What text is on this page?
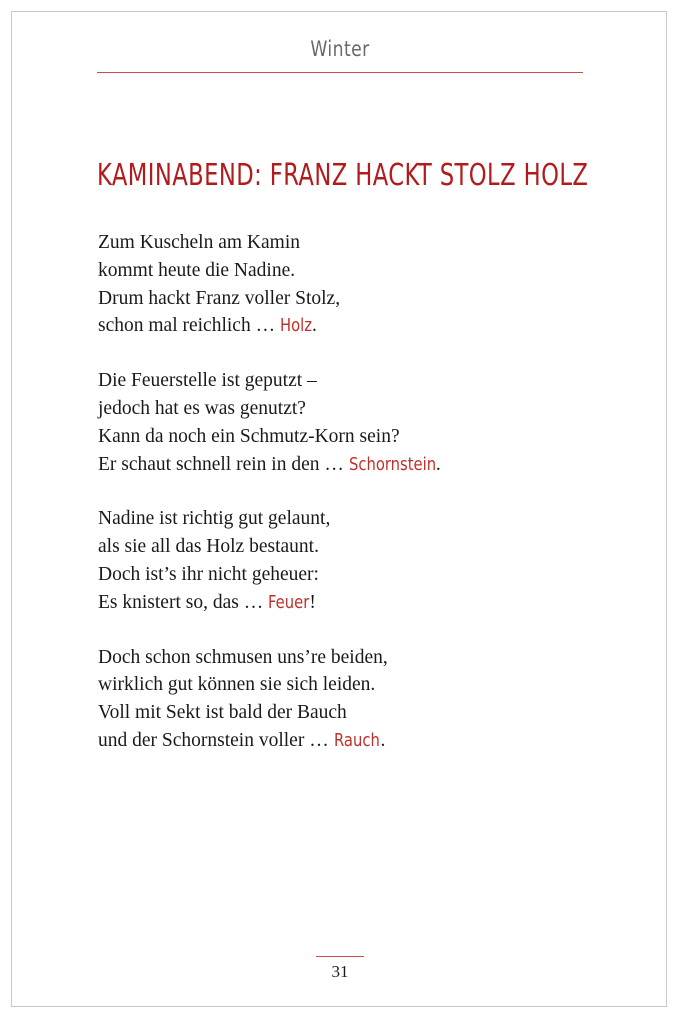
Winter
KAMINABEND: FRANZ HACKT STOLZ HOLZ
Zum Kuscheln am Kamin
kommt heute die Nadine.
Drum hackt Franz voller Stolz,
schon mal reichlich … Holz.
Die Feuerstelle ist geputzt –
jedoch hat es was genutzt?
Kann da noch ein Schmutz-Korn sein?
Er schaut schnell rein in den … Schornstein.
Nadine ist richtig gut gelaunt,
als sie all das Holz bestaunt.
Doch ist’s ihr nicht geheuer:
Es knistert so, das … Feuer!
Doch schon schmusen uns’re beiden,
wirklich gut können sie sich leiden.
Voll mit Sekt ist bald der Bauch
und der Schornstein voller … Rauch.
31
